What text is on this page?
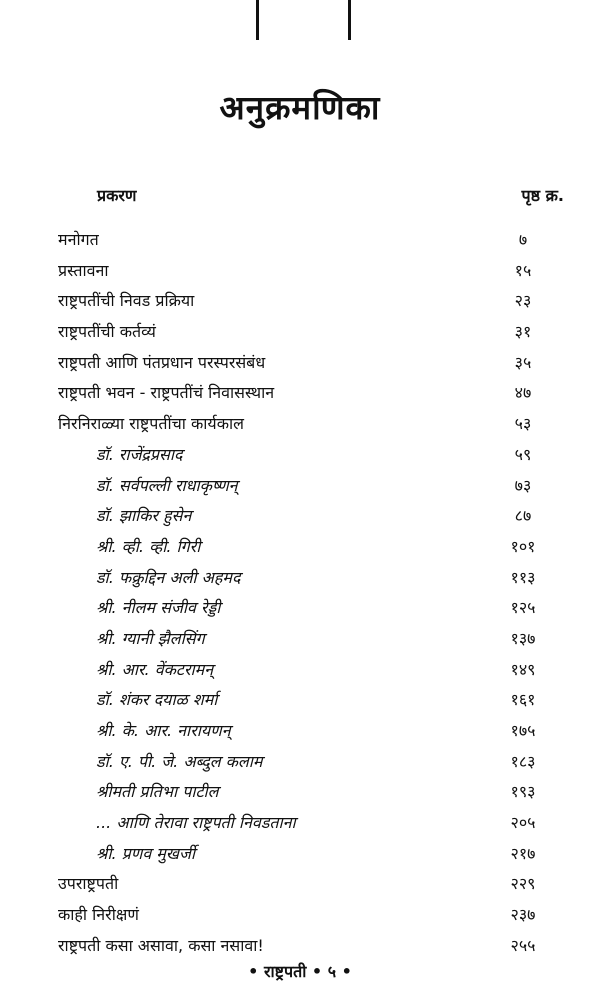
अनुक्रमणिका
प्रकरण	पृष्ठ क्र.
मनोगत	७
प्रस्तावना	१५
राष्ट्रपतींची निवड प्रक्रिया	२३
राष्ट्रपतींची कर्तव्यं	३१
राष्ट्रपती आणि पंतप्रधान परस्परसंबंध	३५
राष्ट्रपती भवन - राष्ट्रपतींचं निवासस्थान	४७
निरनिराळ्या राष्ट्रपतींचा कार्यकाल	५३
डॉ. राजेंद्रप्रसाद	५९
डॉ. सर्वपल्ली राधाकृष्णन्	७३
डॉ. झाकिर हुसेन	८७
श्री. व्ही. व्ही. गिरी	१०१
डॉ. फक्रुद्दिन अली अहमद	११३
श्री. नीलम संजीव रेड्डी	१२५
श्री. ग्यानी झैलसिंग	१३७
श्री. आर. वेंकटरामन्	१४९
डॉ. शंकर दयाळ शर्मा	१६१
श्री. के. आर. नारायणन्	१७५
डॉ. ए. पी. जे. अब्दुल कलाम	१८३
श्रीमती प्रतिभा पाटील	१९३
... आणि तेरावा राष्ट्रपती निवडताना	२०५
श्री. प्रणव मुखर्जी	२१७
उपराष्ट्रपती	२२९
काही निरीक्षणं	२३७
राष्ट्रपती कसा असावा, कसा नसावा!	२५५
• राष्ट्रपती • ५ •
